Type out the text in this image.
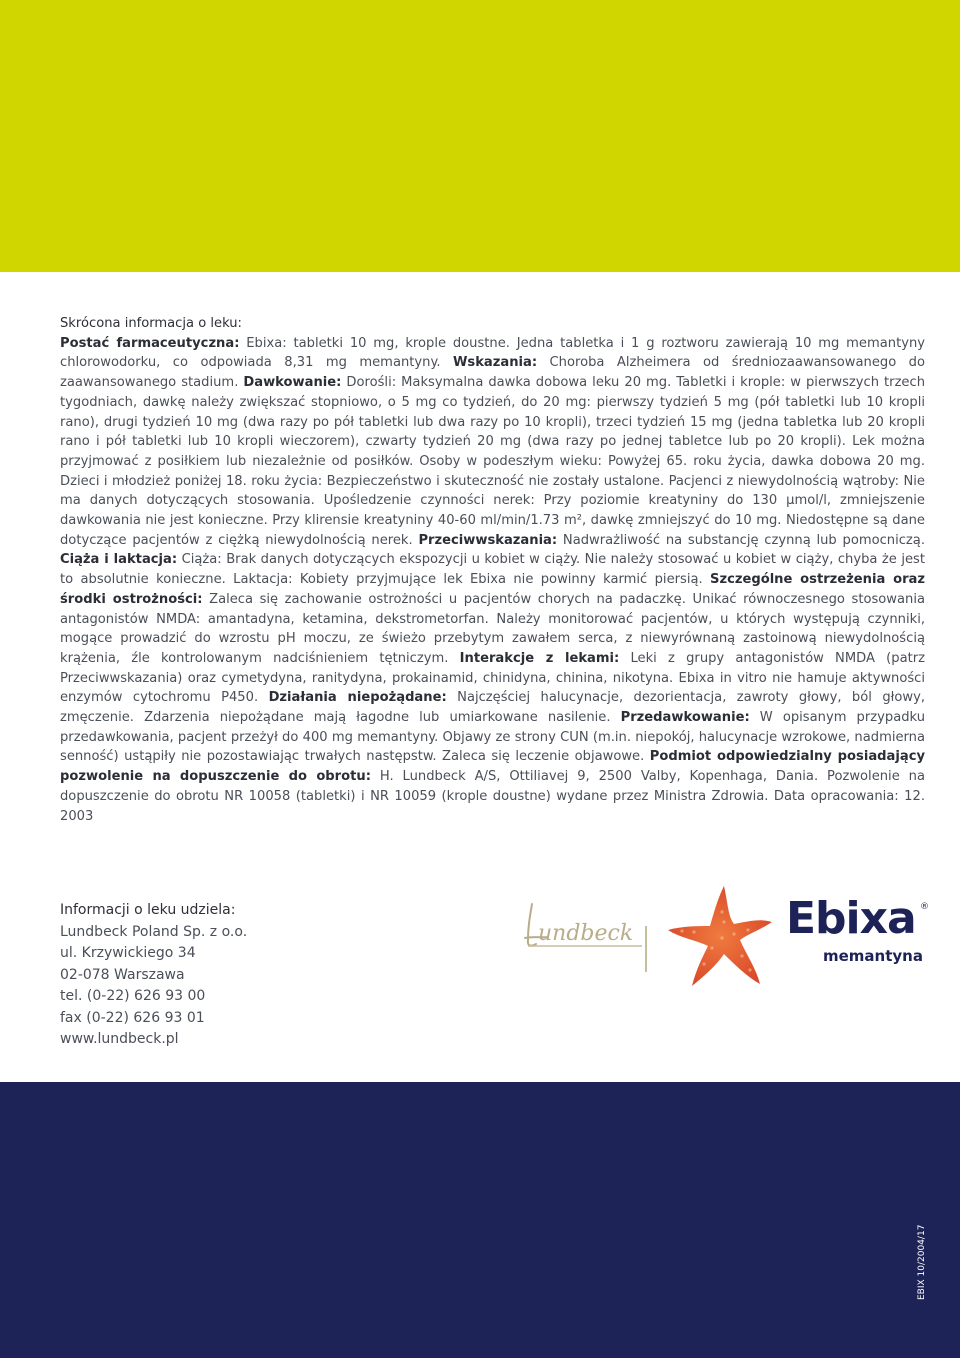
Skrócona informacja o leku:

Postać farmaceutyczna: Ebixa: tabletki 10 mg, krople doustne. Jedna tabletka i 1 g roztworu zawierają 10 mg memantyny chlorowodorku, co odpowiada 8,31 mg memantyny. Wskazania: Choroba Alzheimera od średniozaawansowanego do zaawansowanego stadium. Dawkowanie: Dorośli: Maksymalna dawka dobowa leku 20 mg. Tabletki i krople: w pierwszych trzech tygodniach, dawkę należy zwiększać stopniowo, o 5 mg co tydzień, do 20 mg: pierwszy tydzień 5 mg (pół tabletki lub 10 kropli rano), drugi tydzień 10 mg (dwa razy po pół tabletki lub dwa razy po 10 kropli), trzeci tydzień 15 mg (jedna tabletka lub 20 kropli rano i pół tabletki lub 10 kropli wieczorem), czwarty tydzień 20 mg (dwa razy po jednej tabletce lub po 20 kropli). Lek można przyjmować z posiłkiem lub niezależnie od posiłków. Osoby w podeszłym wieku: Powyżej 65. roku życia, dawka dobowa 20 mg. Dzieci i młodzież poniżej 18. roku życia: Bezpieczeństwo i skuteczność nie zostały ustalone. Pacjenci z niewydolnością wątroby: Nie ma danych dotyczących stosowania. Upośledzenie czynności nerek: Przy poziomie kreatyniny do 130 µmol/l, zmniejszenie dawkowania nie jest konieczne. Przy klirensie kreatyniny 40-60 ml/min/1.73 m², dawkę zmniejszyć do 10 mg. Niedostępne są dane dotyczące pacjentów z ciężką niewydolnością nerek. Przeciwwskazania: Nadwrażliwość na substancję czynną lub pomocniczą. Ciąża i laktacja: Ciąża: Brak danych dotyczących ekspozycji u kobiet w ciąży. Nie należy stosować u kobiet w ciąży, chyba że jest to absolutnie konieczne. Laktacja: Kobiety przyjmujące lek Ebixa nie powinny karmić piersią. Szczególne ostrzeżenia oraz środki ostrożności: Zaleca się zachowanie ostrożności u pacjentów chorych na padaczkę. Unikać równoczesnego stosowania antagonistów NMDA: amantadyna, ketamina, dekstrometorfan. Należy monitorować pacjentów, u których występują czynniki, mogące prowadzić do wzrostu pH moczu, ze świeżo przebytym zawałem serca, z niewyrównaną zastoinową niewydolnością krążenia, źle kontrolowanym nadciśnieniem tętniczym. Interakcje z lekami: Leki z grupy antagonistów NMDA (patrz Przeciwwskazania) oraz cymetydyna, ranitydyna, prokainamid, chinidyna, chinina, nikotyna. Ebixa in vitro nie hamuje aktywności enzymów cytochromu P450. Działania niepożądane: Najczęściej halucynacje, dezorientacja, zawroty głowy, ból głowy, zmęczenie. Zdarzenia niepożądane mają łagodne lub umiarkowane nasilenie. Przedawkowanie: W opisanym przypadku przedawkowania, pacjent przeżył do 400 mg memantyny. Objawy ze strony CUN (m.in. niepokój, halucynacje wzrokowe, nadmierna senność) ustąpiły nie pozostawiając trwałych następstw. Zaleca się leczenie objawowe. Podmiot odpowiedzialny posiadający pozwolenie na dopuszczenie do obrotu: H. Lundbeck A/S, Ottiliavej 9, 2500 Valby, Kopenhaga, Dania. Pozwolenie na dopuszczenie do obrotu NR 10058 (tabletki) i NR 10059 (krople doustne) wydane przez Ministra Zdrowia. Data opracowania: 12. 2003

Informacji o leku udziela:
Lundbeck Poland Sp. z o.o.
ul. Krzywickiego 34
02-078 Warszawa
tel. (0-22) 626 93 00
fax (0-22) 626 93 01
www.lundbeck.pl
undbeck	Ebixa ®
memantyna
EBIX 10/2004/17
